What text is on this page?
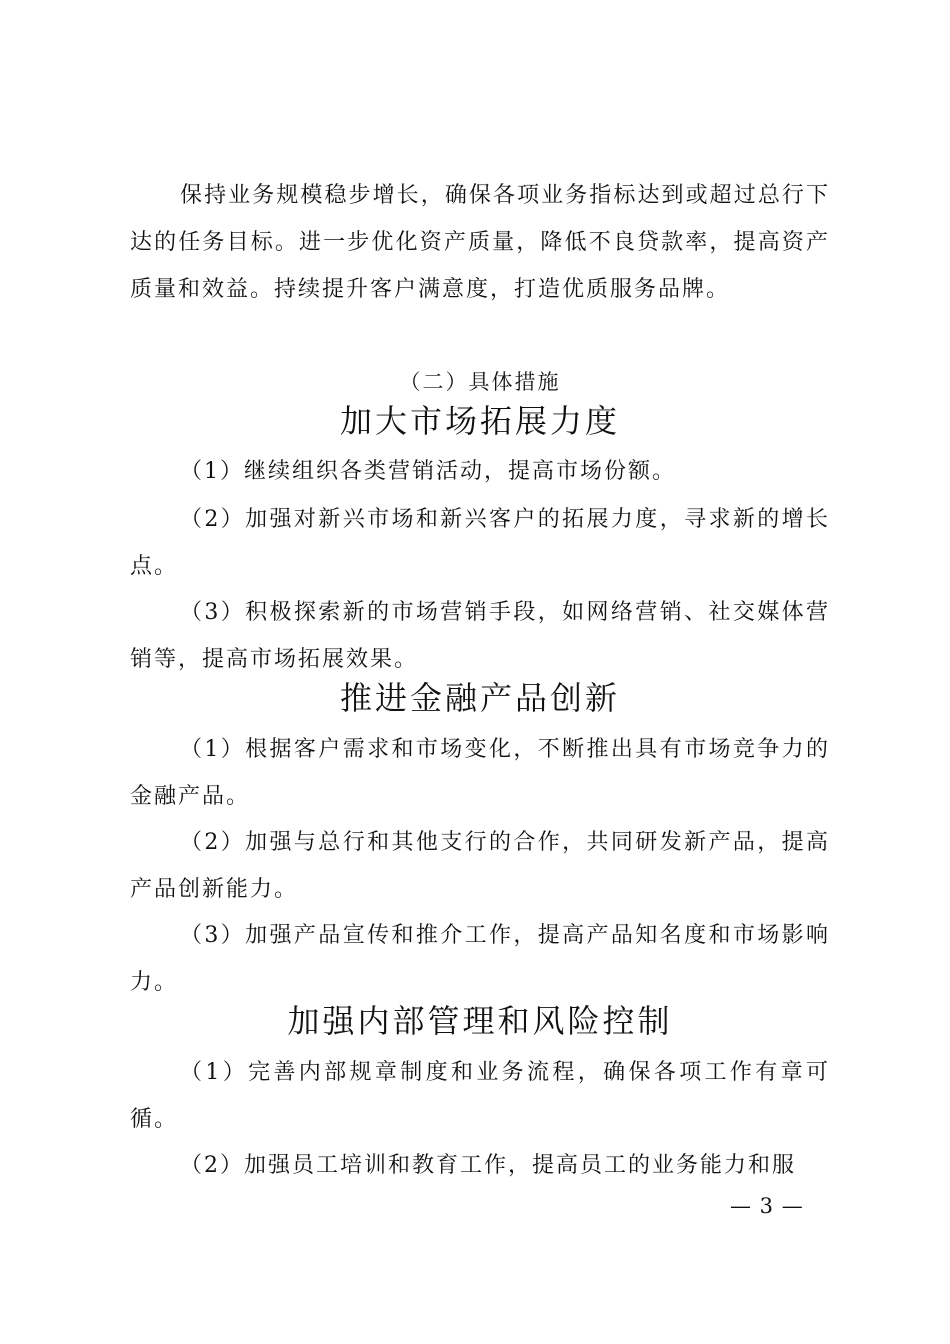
保持业务规模稳步增长，确保各项业务指标达到或超过总行下达的任务目标。进一步优化资产质量，降低不良贷款率，提高资产质量和效益。持续提升客户满意度，打造优质服务品牌。

（二）具体措施

加大市场拓展力度

（1）继续组织各类营销活动，提高市场份额。

（2）加强对新兴市场和新兴客户的拓展力度，寻求新的增长点。

（3）积极探索新的市场营销手段，如网络营销、社交媒体营销等，提高市场拓展效果。

推进金融产品创新

（1）根据客户需求和市场变化，不断推出具有市场竞争力的金融产品。

（2）加强与总行和其他支行的合作，共同研发新产品，提高产品创新能力。

（3）加强产品宣传和推介工作，提高产品知名度和市场影响力。

加强内部管理和风险控制

（1）完善内部规章制度和业务流程，确保各项工作有章可循。

（2）加强员工培训和教育工作，提高员工的业务能力和服

— 3 —
